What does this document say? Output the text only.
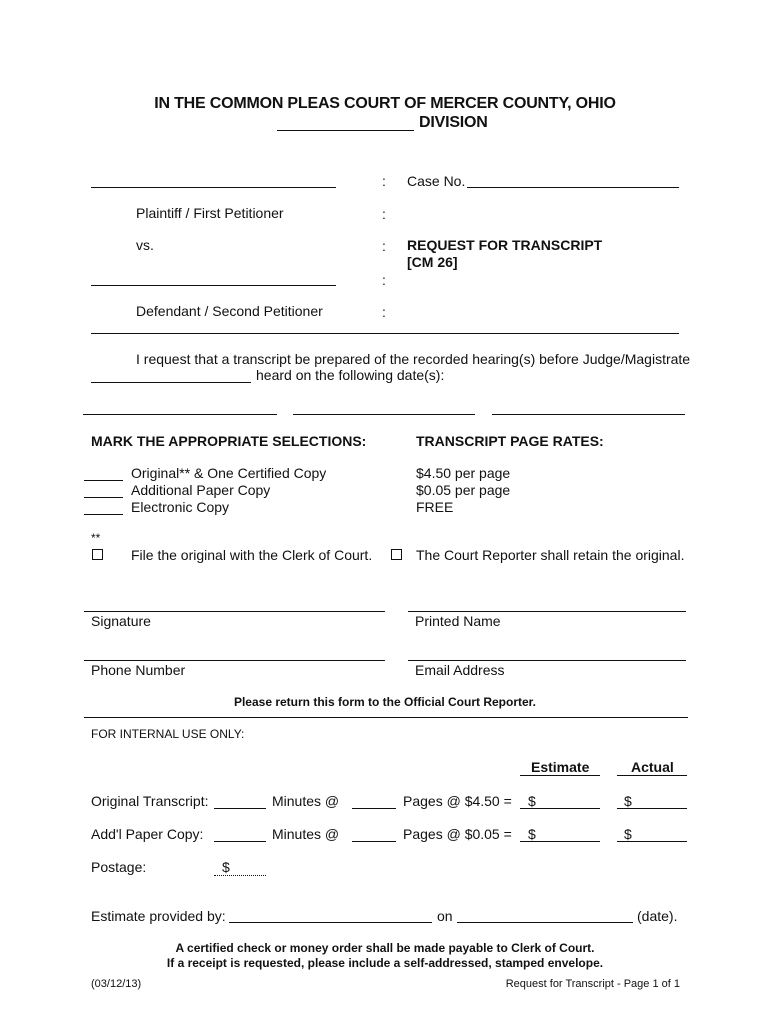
IN THE COMMON PLEAS COURT OF MERCER COUNTY, OHIO
DIVISION
: Case No.
Plaintiff / First Petitioner	:
vs.	: REQUEST FOR TRANSCRIPT
[CM 26]
:
Defendant / Second Petitioner	:
I request that a transcript be prepared of the recorded hearing(s) before Judge/Magistrate
heard on the following date(s):
MARK THE APPROPRIATE SELECTIONS:	TRANSCRIPT PAGE RATES:
Original** & One Certified Copy	$4.50 per page
Additional Paper Copy	$0.05 per page
Electronic Copy	FREE
**
File the original with the Clerk of Court.	The Court Reporter shall retain the original.
Signature	Printed Name
Phone Number	Email Address
Please return this form to the Official Court Reporter.
FOR INTERNAL USE ONLY:
Estimate	Actual
Original Transcript:	Minutes @	Pages @ $4.50 = $	$
Add'l Paper Copy:	Minutes @	Pages @ $0.05 = $	$
Postage:	$
Estimate provided by:	on	(date).
A certified check or money order shall be made payable to Clerk of Court.
If a receipt is requested, please include a self-addressed, stamped envelope.
(03/12/13)	Request for Transcript - Page 1 of 1
